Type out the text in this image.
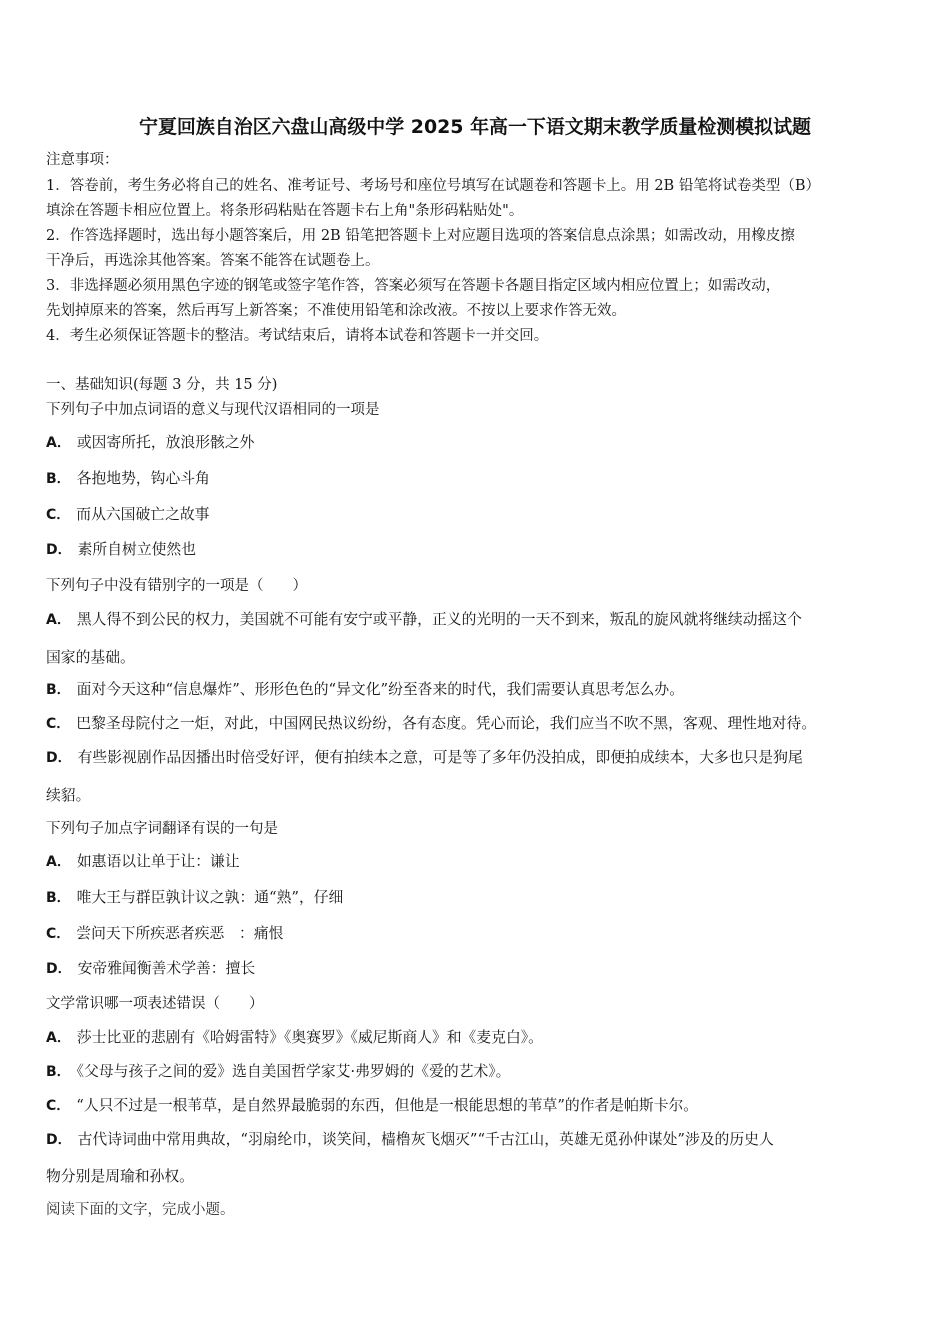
宁夏回族自治区六盘山高级中学 2025 年高一下语文期末教学质量检测模拟试题
注意事项：
1．答卷前，考生务必将自己的姓名、准考证号、考场号和座位号填写在试题卷和答题卡上。用 2B 铅笔将试卷类型（B）
填涂在答题卡相应位置上。将条形码粘贴在答题卡右上角"条形码粘贴处"。
2．作答选择题时，选出每小题答案后，用 2B 铅笔把答题卡上对应题目选项的答案信息点涂黑；如需改动，用橡皮擦
干净后，再选涂其他答案。答案不能答在试题卷上。
3．非选择题必须用黑色字迹的钢笔或签字笔作答，答案必须写在答题卡各题目指定区域内相应位置上；如需改动，
先划掉原来的答案，然后再写上新答案；不准使用铅笔和涂改液。不按以上要求作答无效。
4．考生必须保证答题卡的整洁。考试结束后，请将本试卷和答题卡一并交回。
一、基础知识(每题 3 分，共 15 分)
下列句子中加点词语的意义与现代汉语相同的一项是
A． 或因寄所托，放浪形骸之外
B． 各抱地势，钩心斗角
C． 而从六国破亡之故事
D． 素所自树立使然也
下列句子中没有错别字的一项是（　　）
A． 黑人得不到公民的权力，美国就不可能有安宁或平静，正义的光明的一天不到来，叛乱的旋风就将继续动摇这个
国家的基础。
B． 面对今天这种“信息爆炸”、形形色色的“异文化”纷至沓来的时代，我们需要认真思考怎么办。
C． 巴黎圣母院付之一炬，对此，中国网民热议纷纷，各有态度。凭心而论，我们应当不吹不黑，客观、理性地对待。
D． 有些影视剧作品因播出时倍受好评，便有拍续本之意，可是等了多年仍没拍成，即便拍成续本，大多也只是狗尾
续貂。
下列句子加点字词翻译有误的一句是
A． 如惠语以让单于让：谦让
B． 唯大王与群臣孰计议之孰：通“熟”，仔细
C． 尝问天下所疾恶者疾恶　：痛恨
D． 安帝雅闻衡善术学善：擅长
文学常识哪一项表述错误（　　）
A． 莎士比亚的悲剧有《哈姆雷特》《奥赛罗》《威尼斯商人》和《麦克白》。
B． 《父母与孩子之间的爱》选自美国哲学家艾·弗罗姆的《爱的艺术》。
C． “人只不过是一根苇草，是自然界最脆弱的东西，但他是一根能思想的苇草”的作者是帕斯卡尔。
D． 古代诗词曲中常用典故，“羽扇纶巾，谈笑间，樯橹灰飞烟灭”“千古江山，英雄无觅孙仲谋处”涉及的历史人
物分别是周瑜和孙权。
阅读下面的文字，完成小题。
